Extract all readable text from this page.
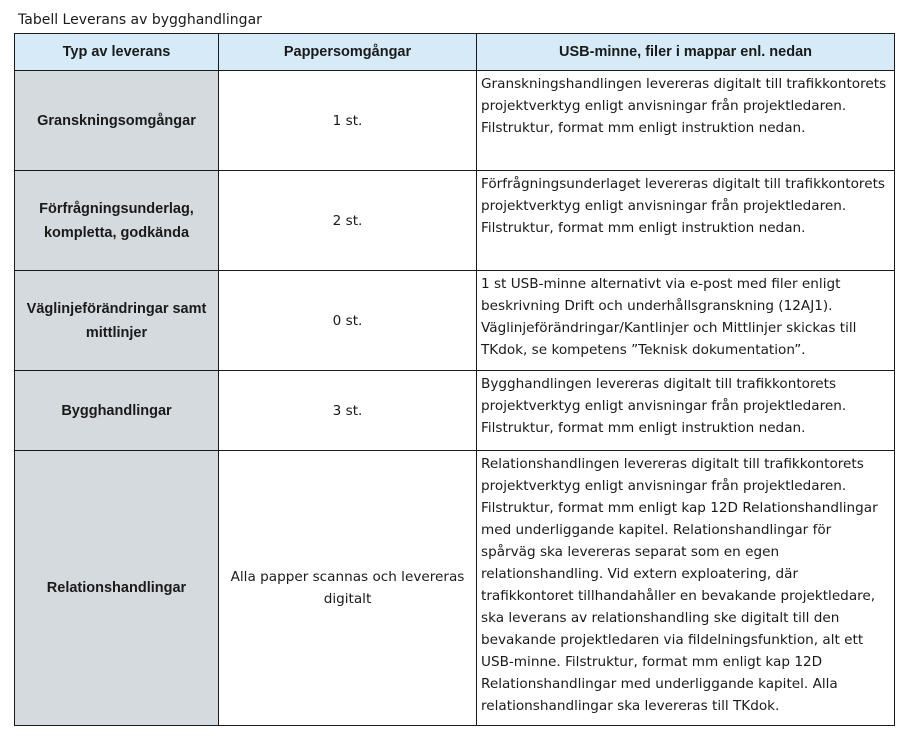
Tabell Leverans av bygghandlingar
Typ av leverans	Pappersomgångar	USB-minne, filer i mappar enl. nedan
Granskningsomgångar	1 st.	Granskningshandlingen levereras digitalt till trafikkontorets projektverktyg enligt anvisningar från projektledaren. Filstruktur, format mm enligt instruktion nedan.
Förfrågningsunderlag, kompletta, godkända	2 st.	Förfrågningsunderlaget levereras digitalt till trafikkontorets projektverktyg enligt anvisningar från projektledaren. Filstruktur, format mm enligt instruktion nedan.
Väglinjeförändringar samt mittlinjer	0 st.	1 st USB-minne alternativt via e-post med filer enligt beskrivning Drift och underhållsgranskning (12AJ1). Väglinjeförändringar/Kantlinjer och Mittlinjer skickas till TKdok, se kompetens ”Teknisk dokumentation”.
Bygghandlingar	3 st.	Bygghandlingen levereras digitalt till trafikkontorets projektverktyg enligt anvisningar från projektledaren. Filstruktur, format mm enligt instruktion nedan.
Relationshandlingar	Alla papper scannas och levereras digitalt	Relationshandlingen levereras digitalt till trafikkontorets projektverktyg enligt anvisningar från projektledaren. Filstruktur, format mm enligt kap 12D Relationshandlingar med underliggande kapitel. Relationshandlingar för spårväg ska levereras separat som en egen relationshandling. Vid extern exploatering, där trafikkontoret tillhandahåller en bevakande projektledare, ska leverans av relationshandling ske digitalt till den bevakande projektledaren via fildelningsfunktion, alt ett USB-minne. Filstruktur, format mm enligt kap 12D Relationshandlingar med underliggande kapitel. Alla relationshandlingar ska levereras till TKdok.
